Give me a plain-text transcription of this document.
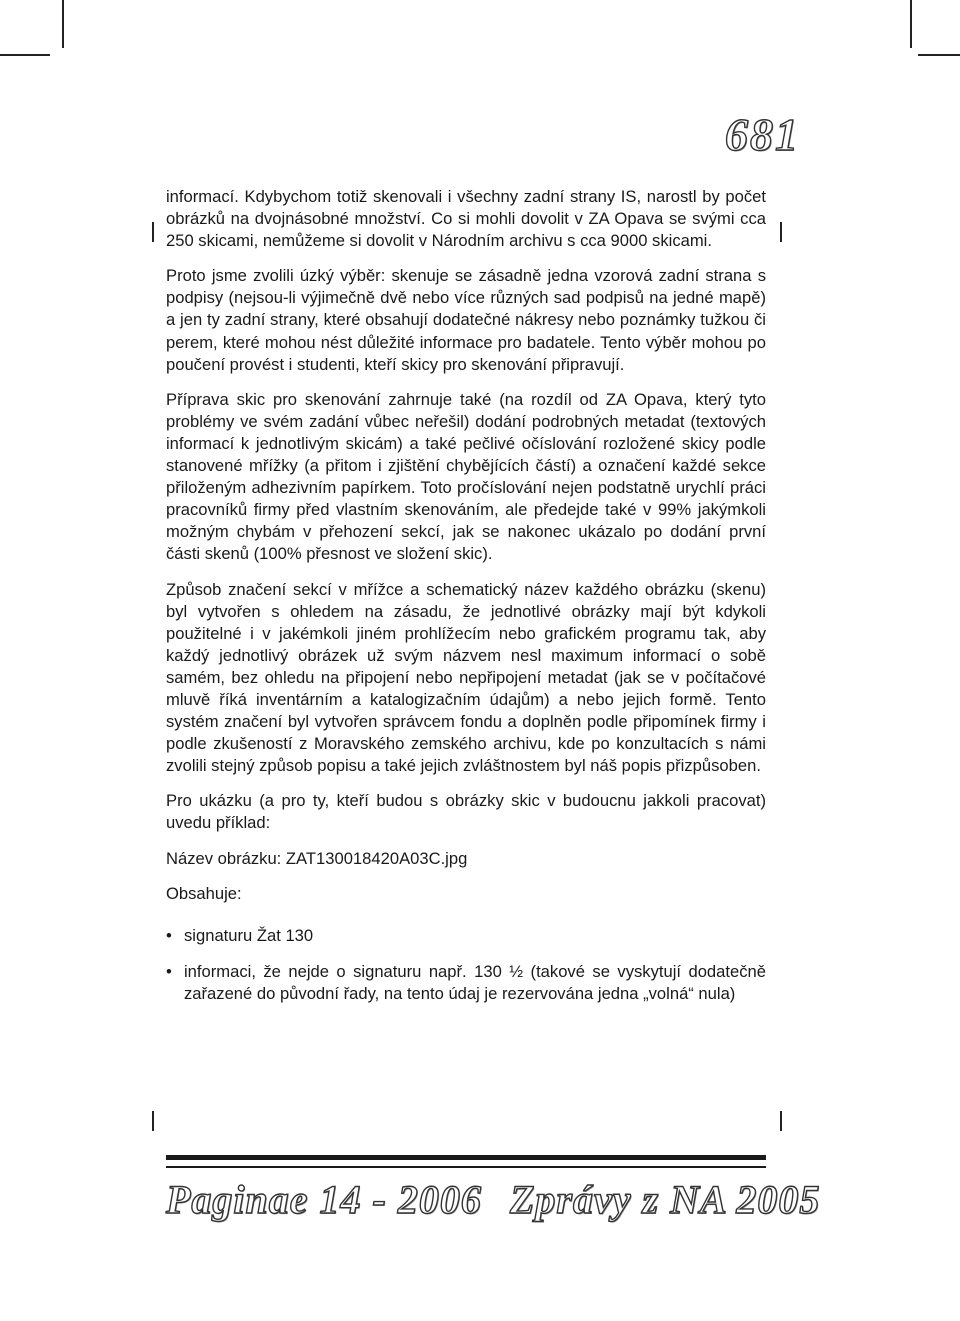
681

informací. Kdybychom totiž skenovali i všechny zadní strany IS, narostl by počet obrázků na dvojnásobné množství. Co si mohli dovolit v ZA Opava se svými cca 250 skicami, nemůžeme si dovolit v Národním archivu s cca 9000 skicami.

Proto jsme zvolili úzký výběr: skenuje se zásadně jedna vzorová zadní strana s podpisy (nejsou-li výjimečně dvě nebo více různých sad podpisů na jedné mapě) a jen ty zadní strany, které obsahují dodatečné nákresy nebo poznámky tužkou či perem, které mohou nést důležité informace pro badatele. Tento výběr mohou po poučení provést i studenti, kteří skicy pro skenování připravují.

Příprava skic pro skenování zahrnuje také (na rozdíl od ZA Opava, který tyto problémy ve svém zadání vůbec neřešil) dodání podrobných metadat (textových informací k jednotlivým skicám) a také pečlivé očíslování rozložené skicy podle stanovené mřížky (a přitom i zjištění chybějících částí) a označení každé sekce přiloženým adhezivním papírkem. Toto pročíslování nejen podstatně urychlí práci pracovníků firmy před vlastním skenováním, ale předejde také v 99% jakýmkoli možným chybám v přehození sekcí, jak se nakonec ukázalo po dodání první části skenů (100% přesnost ve složení skic).

Způsob značení sekcí v mřížce a schematický název každého obrázku (skenu) byl vytvořen s ohledem na zásadu, že jednotlivé obrázky mají být kdykoli použitelné i v jakémkoli jiném prohlížecím nebo grafickém programu tak, aby každý jednotlivý obrázek už svým názvem nesl maximum informací o sobě samém, bez ohledu na připojení nebo nepřipojení metadat (jak se v počítačové mluvě říká inventárním a katalogizačním údajům) a nebo jejich formě. Tento systém značení byl vytvořen správcem fondu a doplněn podle připomínek firmy i podle zkušeností z Moravského zemského archivu, kde po konzultacích s námi zvolili stejný způsob popisu a také jejich zvláštnostem byl náš popis přizpůsoben.

Pro ukázku (a pro ty, kteří budou s obrázky skic v budoucnu jakkoli pracovat) uvedu příklad:

Název obrázku: ZAT130018420A03C.jpg

Obsahuje:

• signaturu Žat 130
• informaci, že nejde o signaturu např. 130 ½ (takové se vyskytují dodatečně zařazené do původní řady, na tento údaj je rezervována jedna „volná“ nula)
Paginae 14 - 2006 Zprávy z NA 2005
